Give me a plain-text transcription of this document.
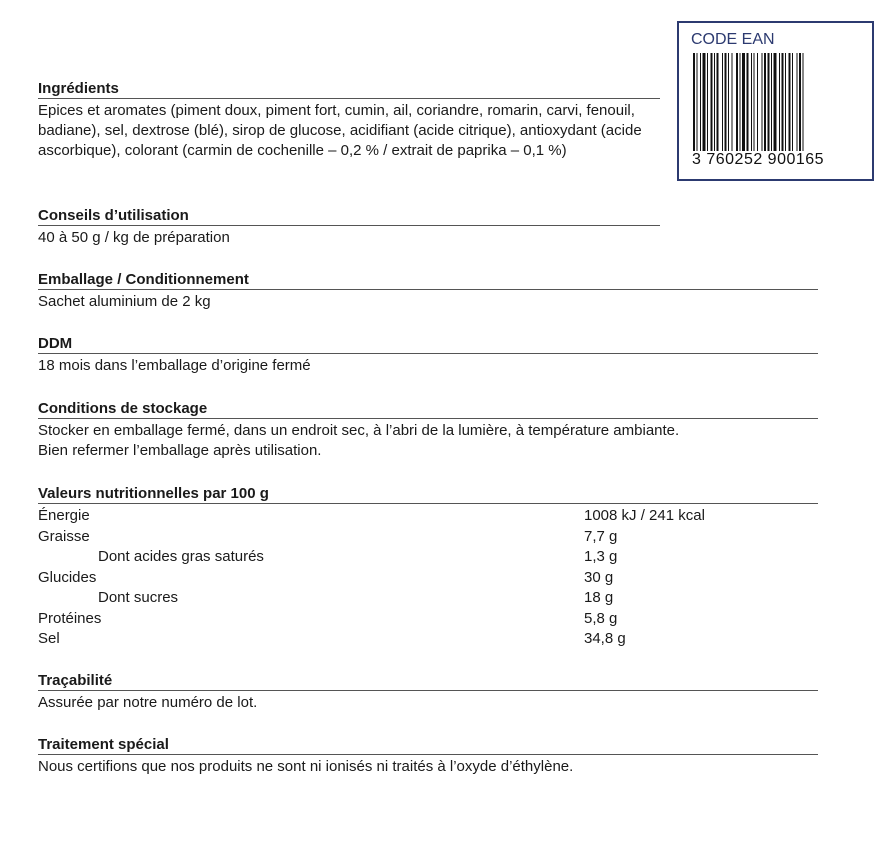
CODE EAN
3 760252 900165
Ingrédients
Epices et aromates (piment doux, piment fort, cumin, ail, coriandre, romarin, carvi, fenouil, badiane), sel, dextrose (blé), sirop de glucose, acidifiant (acide citrique), antioxydant (acide ascorbique), colorant (carmin de cochenille – 0,2 % / extrait de paprika – 0,1 %)
Conseils d’utilisation
40 à 50 g / kg de préparation
Emballage / Conditionnement
Sachet aluminium de 2 kg
DDM
18 mois dans l’emballage d’origine fermé
Conditions de stockage
Stocker en emballage fermé, dans un endroit sec, à l’abri de la lumière, à température ambiante.
Bien refermer l’emballage après utilisation.
Valeurs nutritionnelles par 100 g
Énergie	1008 kJ / 241 kcal
Graisse	7,7 g
Dont acides gras saturés	1,3 g
Glucides	30 g
Dont sucres	18 g
Protéines	5,8 g
Sel	34,8 g
Traçabilité
Assurée par notre numéro de lot.
Traitement spécial
Nous certifions que nos produits ne sont ni ionisés ni traités à l’oxyde d’éthylène.
